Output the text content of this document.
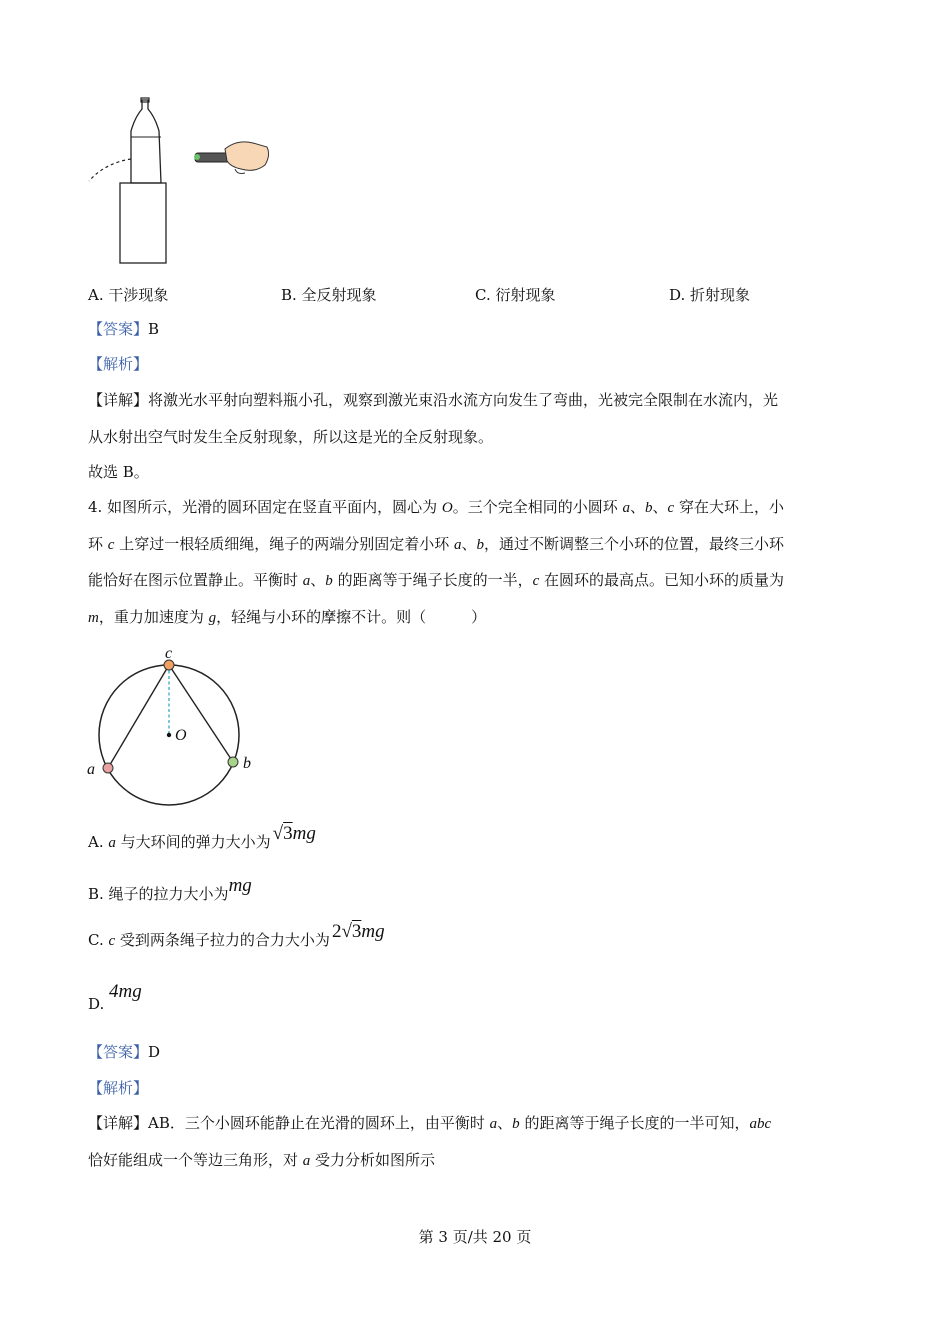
A. 干涉现象	B. 全反射现象	C. 衍射现象	D. 折射现象
【答案】B
【解析】
【详解】将激光水平射向塑料瓶小孔，观察到激光束沿水流方向发生了弯曲，光被完全限制在水流内，光
从水射出空气时发生全反射现象，所以这是光的全反射现象。
故选 B。
4. 如图所示，光滑的圆环固定在竖直平面内，圆心为 O。三个完全相同的小圆环 a、b、c 穿在大环上，小
环 c 上穿过一根轻质细绳，绳子的两端分别固定着小环 a、b，通过不断调整三个小环的位置，最终三小环
能恰好在图示位置静止。平衡时 a、b 的距离等于绳子长度的一半，c 在圆环的最高点。已知小环的质量为
m，重力加速度为 g，轻绳与小环的摩擦不计。则（　　　）
c
O
a	b
A. a 与大环间的弹力大小为 √3mg
B. 绳子的拉力大小为mg
C. c 受到两条绳子拉力的合力大小为 2√3mg
D. 4mg
【答案】D
【解析】
【详解】AB．三个小圆环能静止在光滑的圆环上，由平衡时 a、b 的距离等于绳子长度的一半可知，abc
恰好能组成一个等边三角形，对 a 受力分析如图所示
第 3 页/共 20 页
